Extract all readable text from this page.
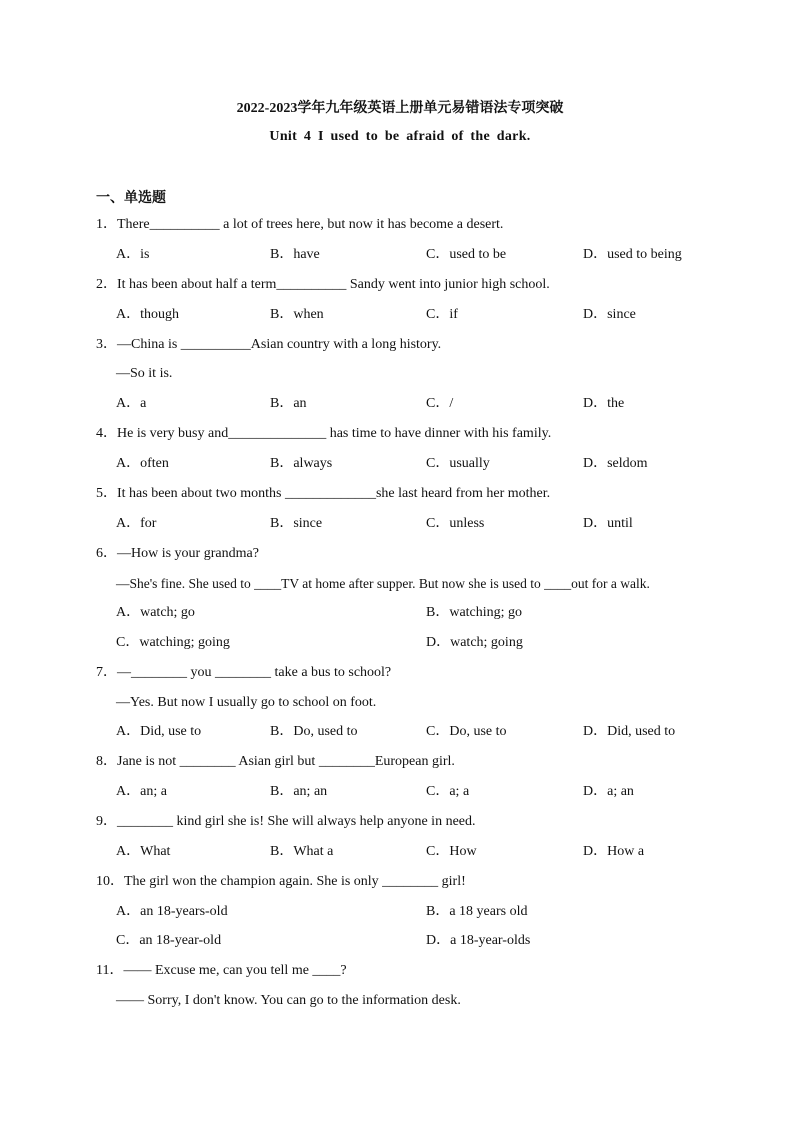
2022-2023学年九年级英语上册单元易错语法专项突破
Unit 4 I used to be afraid of the dark.
一、单选题
1．There__________ a lot of trees here, but now it has become a desert.
A．is	B．have	C．used to be	D．used to being
2．It has been about half a term__________ Sandy went into junior high school.
A．though	B．when	C．if	D．since
3．—China is __________Asian country with a long history.
—So it is.
A．a	B．an	C．/	D．the
4．He is very busy and______________ has time to have dinner with his family.
A．often	B．always	C．usually	D．seldom
5．It has been about two months _____________she last heard from her mother.
A．for	B．since	C．unless	D．until
6．—How is your grandma?
—She's fine. She used to ____TV at home after supper. But now she is used to ____out for a walk.
A．watch; go	B．watching; go
C．watching; going	D．watch; going
7．—________ you ________ take a bus to school?
—Yes. But now I usually go to school on foot.
A．Did, use to	B．Do, used to	C．Do, use to	D．Did, used to
8．Jane is not ________ Asian girl but ________European girl.
A．an; a	B．an; an	C．a; a	D．a; an
9．________ kind girl she is! She will always help anyone in need.
A．What	B．What a	C．How	D．How a
10．The girl won the champion again. She is only ________ girl!
A．an 18-years-old	B．a 18 years old
C．an 18-year-old	D．a 18-year-olds
11．—— Excuse me, can you tell me ____?
—— Sorry, I don't know. You can go to the information desk.
